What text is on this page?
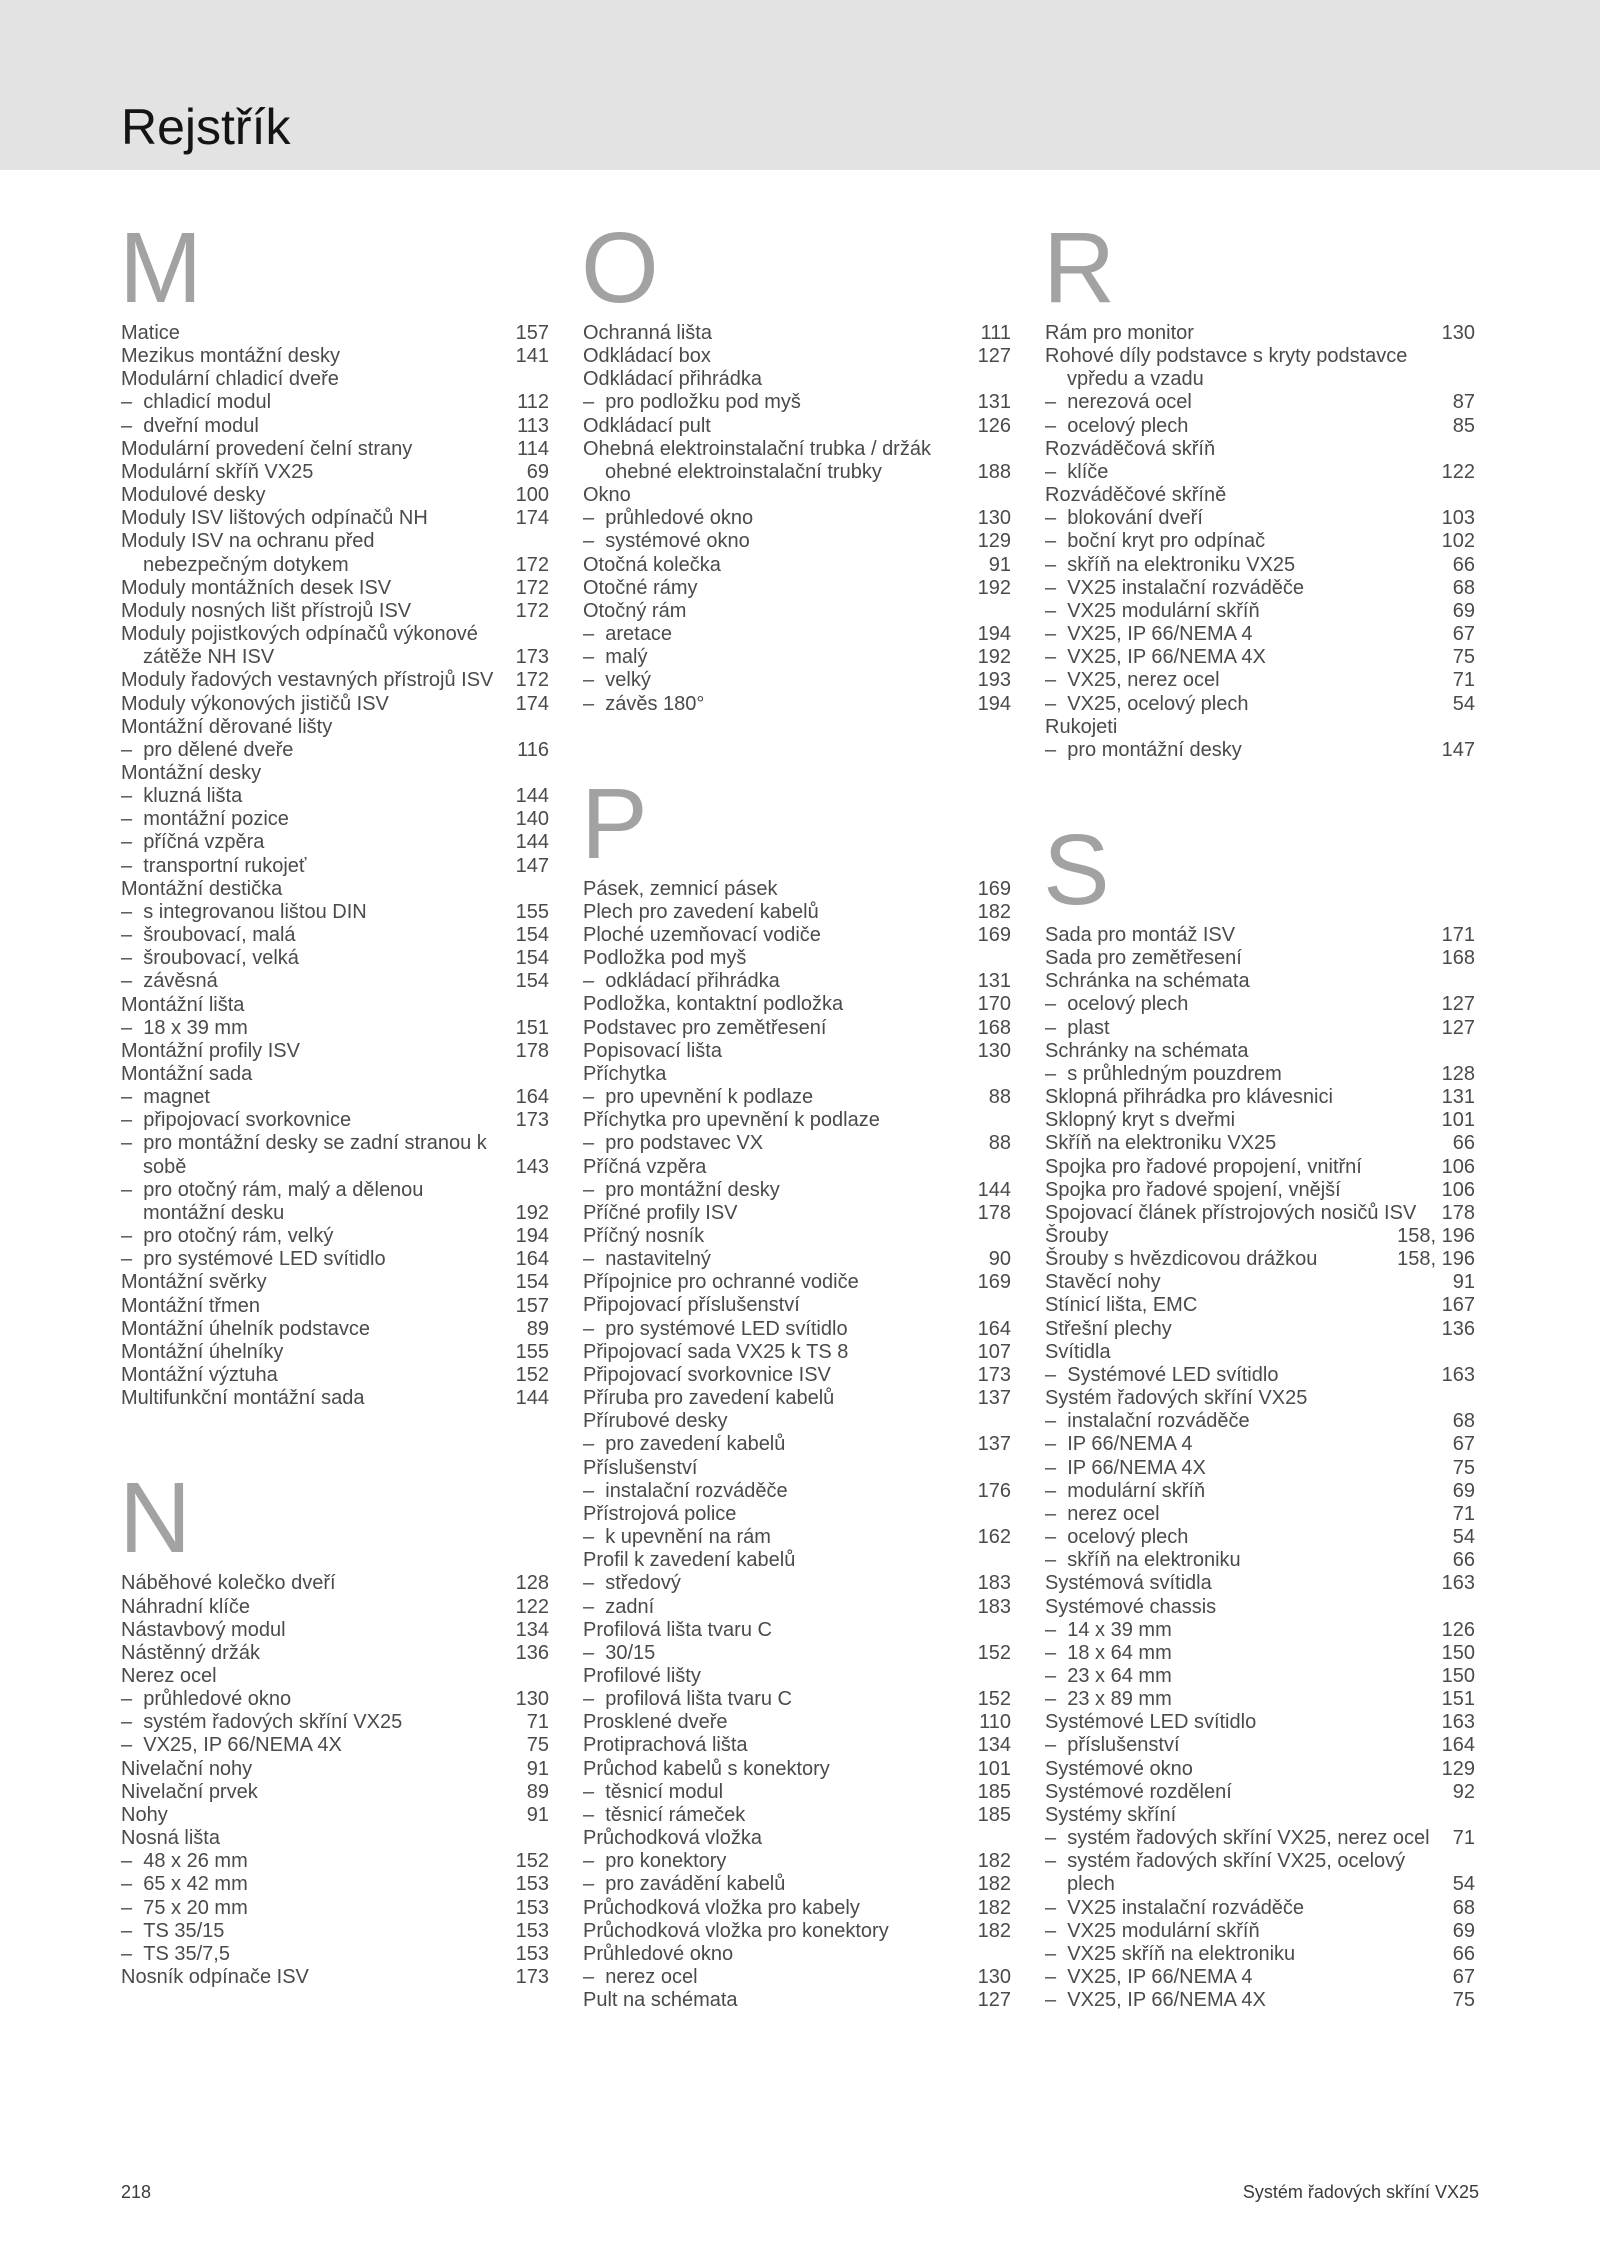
Rejstřík
M
Matice	157
Mezikus montážní desky	141
Modulární chladicí dveře
–  chladicí modul	112
–  dveřní modul	113
Modulární provedení čelní strany	114
Modulární skříň VX25	69
Modulové desky	100
Moduly ISV lištových odpínačů NH	174
Moduly ISV na ochranu před nebezpečným dotykem	172
Moduly montážních desek ISV	172
Moduly nosných lišt přístrojů ISV	172
Moduly pojistkových odpínačů výkonové zátěže NH ISV	173
Moduly řadových vestavných přístrojů ISV	172
Moduly výkonových jističů ISV	174
Montážní děrované lišty
–  pro dělené dveře	116
Montážní desky
–  kluzná lišta	144
–  montážní pozice	140
–  příčná vzpěra	144
–  transportní rukojeť	147
Montážní destička
–  s integrovanou lištou DIN	155
–  šroubovací, malá	154
–  šroubovací, velká	154
–  závěsná	154
Montážní lišta
–  18 x 39 mm	151
Montážní profily ISV	178
Montážní sada
–  magnet	164
–  připojovací svorkovnice	173
–  pro montážní desky se zadní stranou k sobě	143
–  pro otočný rám, malý a dělenou montážní desku	192
–  pro otočný rám, velký	194
–  pro systémové LED svítidlo	164
Montážní svěrky	154
Montážní třmen	157
Montážní úhelník podstavce	89
Montážní úhelníky	155
Montážní výztuha	152
Multifunkční montážní sada	144
N
Náběhové kolečko dveří	128
Náhradní klíče	122
Nástavbový modul	134
Nástěnný držák	136
Nerez ocel
–  průhledové okno	130
–  systém řadových skříní VX25	71
–  VX25, IP 66/NEMA 4X	75
Nivelační nohy	91
Nivelační prvek	89
Nohy	91
Nosná lišta
–  48 x 26 mm	152
–  65 x 42 mm	153
–  75 x 20 mm	153
–  TS 35/15	153
–  TS 35/7,5	153
Nosník odpínače ISV	173
O
Ochranná lišta	111
Odkládací box	127
Odkládací přihrádka
–  pro podložku pod myš	131
Odkládací pult	126
Ohebná elektroinstalační trubka / držák ohebné elektroinstalační trubky	188
Okno
–  průhledové okno	130
–  systémové okno	129
Otočná kolečka	91
Otočné rámy	192
Otočný rám
–  aretace	194
–  malý	192
–  velký	193
–  závěs 180°	194
P
Pásek, zemnicí pásek	169
Plech pro zavedení kabelů	182
Ploché uzemňovací vodiče	169
Podložka pod myš
–  odkládací přihrádka	131
Podložka, kontaktní podložka	170
Podstavec pro zemětřesení	168
Popisovací lišta	130
Příchytka
–  pro upevnění k podlaze	88
Příchytka pro upevnění k podlaze
–  pro podstavec VX	88
Příčná vzpěra
–  pro montážní desky	144
Příčné profily ISV	178
Příčný nosník
–  nastavitelný	90
Přípojnice pro ochranné vodiče	169
Připojovací příslušenství
–  pro systémové LED svítidlo	164
Připojovací sada VX25 k TS 8	107
Připojovací svorkovnice ISV	173
Příruba pro zavedení kabelů	137
Přírubové desky
–  pro zavedení kabelů	137
Příslušenství
–  instalační rozváděče	176
Přístrojová police
–  k upevnění na rám	162
Profil k zavedení kabelů
–  středový	183
–  zadní	183
Profilová lišta tvaru C
–  30/15	152
Profilové lišty
–  profilová lišta tvaru C	152
Prosklené dveře	110
Protiprachová lišta	134
Průchod kabelů s konektory	101
–  těsnicí modul	185
–  těsnicí rámeček	185
Průchodková vložka
–  pro konektory	182
–  pro zavádění kabelů	182
Průchodková vložka pro kabely	182
Průchodková vložka pro konektory	182
Průhledové okno
–  nerez ocel	130
Pult na schémata	127
R
Rám pro monitor	130
Rohové díly podstavce s kryty podstavce vpředu a vzadu
–  nerezová ocel	87
–  ocelový plech	85
Rozváděčová skříň
–  klíče	122
Rozváděčové skříně
–  blokování dveří	103
–  boční kryt pro odpínač	102
–  skříň na elektroniku VX25	66
–  VX25 instalační rozváděče	68
–  VX25 modulární skříň	69
–  VX25, IP 66/NEMA 4	67
–  VX25, IP 66/NEMA 4X	75
–  VX25, nerez ocel	71
–  VX25, ocelový plech	54
Rukojeti
–  pro montážní desky	147
S
Sada pro montáž ISV	171
Sada pro zemětřesení	168
Schránka na schémata
–  ocelový plech	127
–  plast	127
Schránky na schémata
–  s průhledným pouzdrem	128
Sklopná přihrádka pro klávesnici	131
Sklopný kryt s dveřmi	101
Skříň na elektroniku VX25	66
Spojka pro řadové propojení, vnitřní	106
Spojka pro řadové spojení, vnější	106
Spojovací článek přístrojových nosičů ISV	178
Šrouby	158, 196
Šrouby s hvězdicovou drážkou	158, 196
Stavěcí nohy	91
Stínicí lišta, EMC	167
Střešní plechy	136
Svítidla
–  Systémové LED svítidlo	163
Systém řadových skříní VX25
–  instalační rozváděče	68
–  IP 66/NEMA 4	67
–  IP 66/NEMA 4X	75
–  modulární skříň	69
–  nerez ocel	71
–  ocelový plech	54
–  skříň na elektroniku	66
Systémová svítidla	163
Systémové chassis
–  14 x 39 mm	126
–  18 x 64 mm	150
–  23 x 64 mm	150
–  23 x 89 mm	151
Systémové LED svítidlo	163
–  příslušenství	164
Systémové okno	129
Systémové rozdělení	92
Systémy skříní
–  systém řadových skříní VX25, nerez ocel	71
–  systém řadových skříní VX25, ocelový plech	54
–  VX25 instalační rozváděče	68
–  VX25 modulární skříň	69
–  VX25 skříň na elektroniku	66
–  VX25, IP 66/NEMA 4	67
–  VX25, IP 66/NEMA 4X	75
218	Systém řadových skříní VX25
